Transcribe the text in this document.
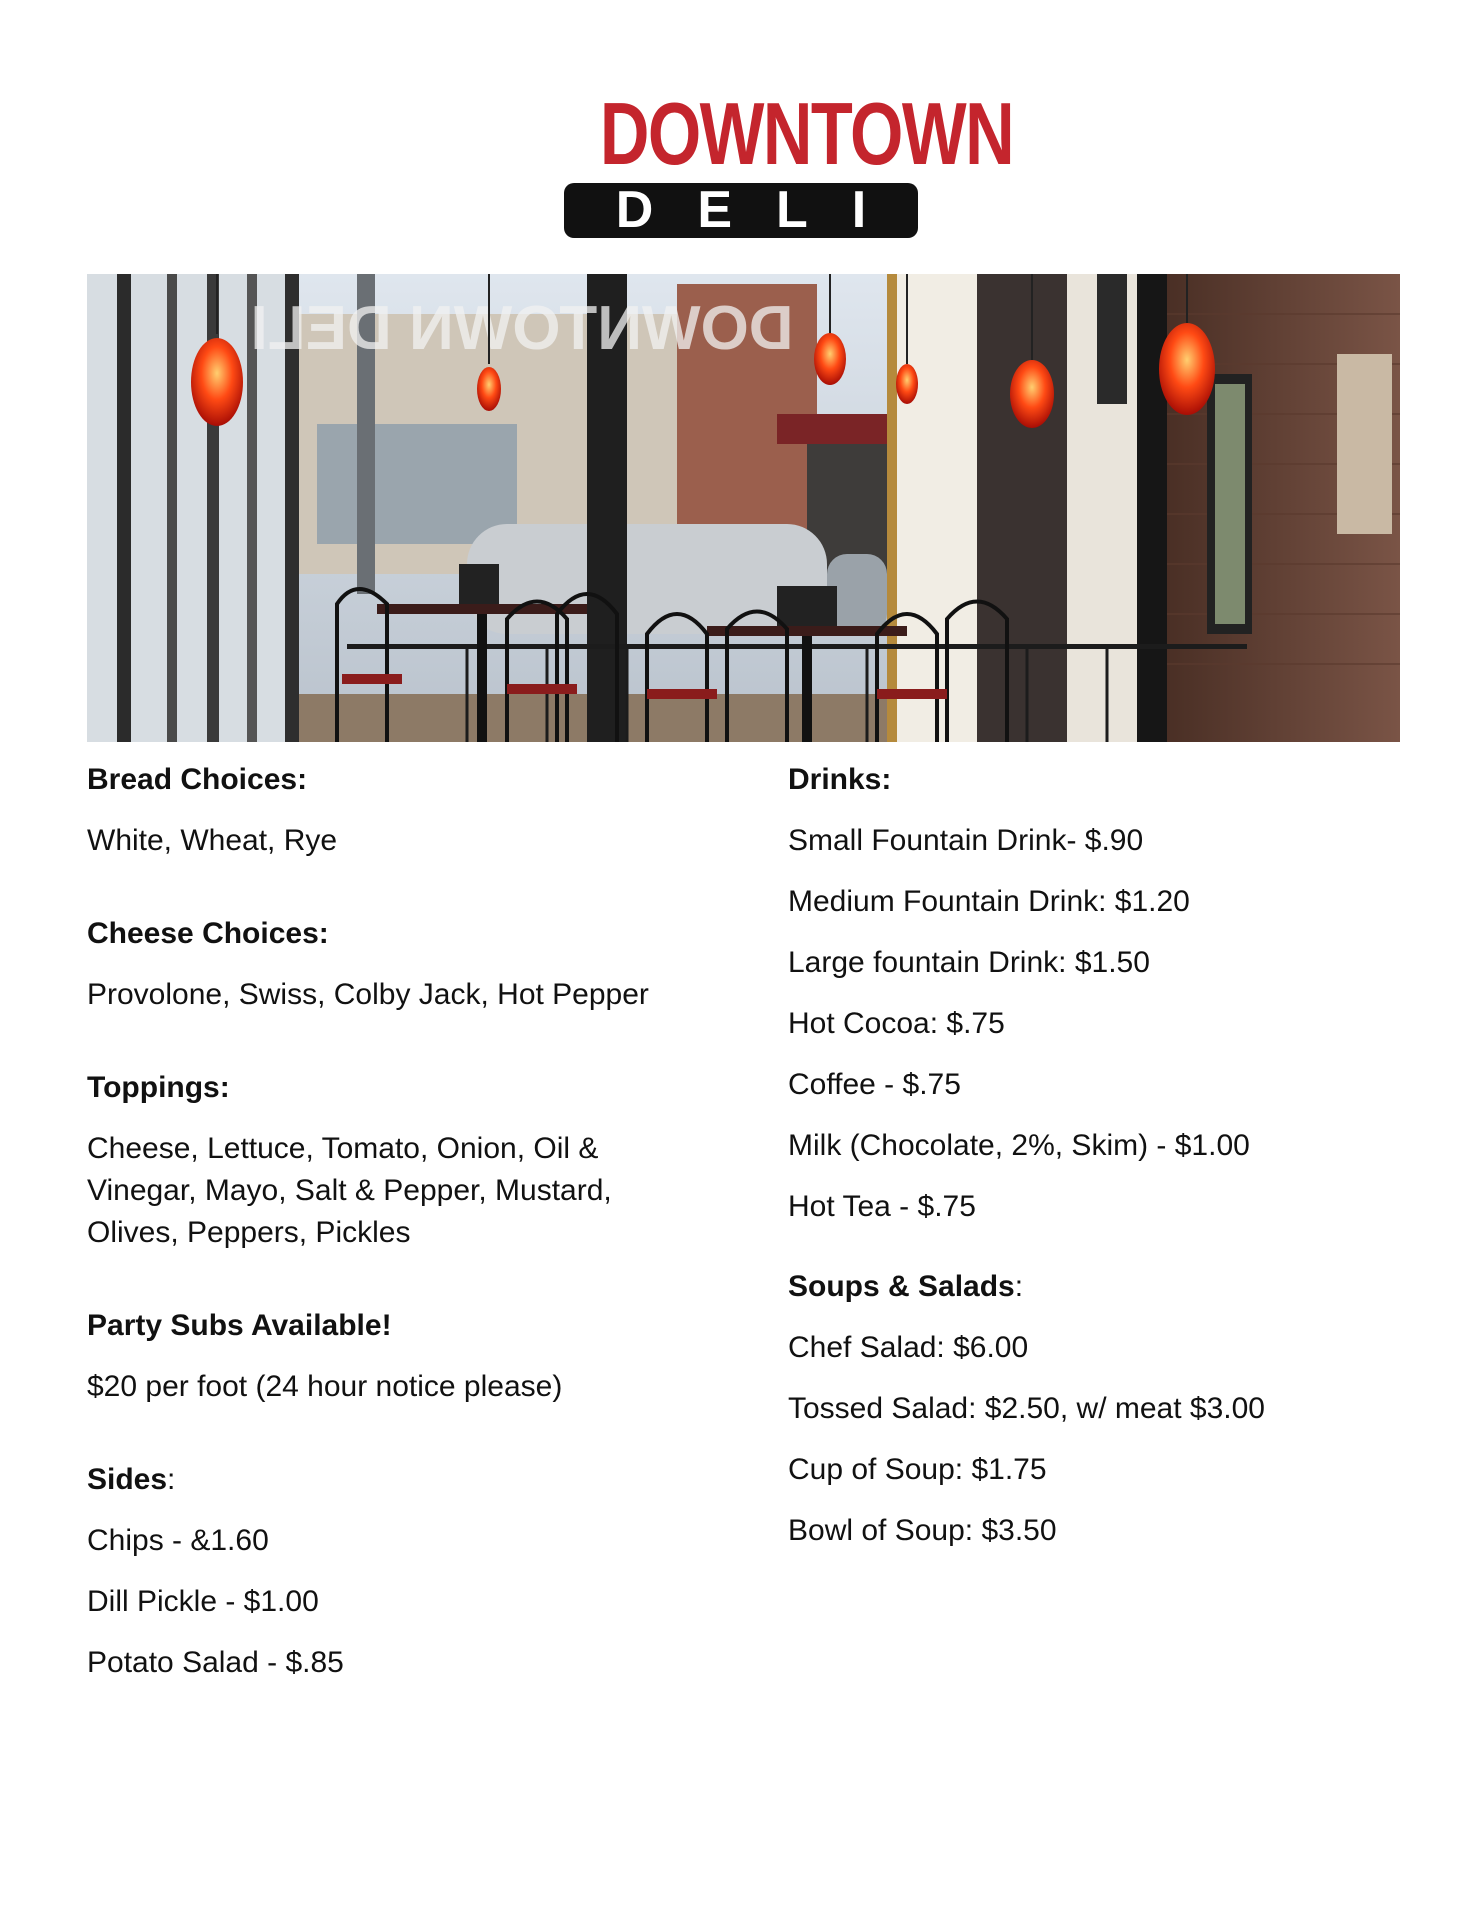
DOWNTOWN
DELI
DOWNTOWN DELI

Bread Choices:

White, Wheat, Rye

Cheese Choices:

Provolone, Swiss, Colby Jack, Hot Pepper

Toppings:

Cheese, Lettuce, Tomato, Onion, Oil & Vinegar, Mayo, Salt & Pepper, Mustard, Olives, Peppers, Pickles

Party Subs Available!

$20 per foot (24 hour notice please)

Sides:

Chips - &1.60

Dill Pickle - $1.00

Potato Salad - $.85

Drinks:

Small Fountain Drink- $.90

Medium Fountain Drink: $1.20

Large fountain Drink: $1.50

Hot Cocoa: $.75

Coffee - $.75

Milk (Chocolate, 2%, Skim) - $1.00

Hot Tea - $.75

Soups & Salads:

Chef Salad: $6.00

Tossed Salad: $2.50, w/ meat $3.00

Cup of Soup: $1.75

Bowl of Soup: $3.50
